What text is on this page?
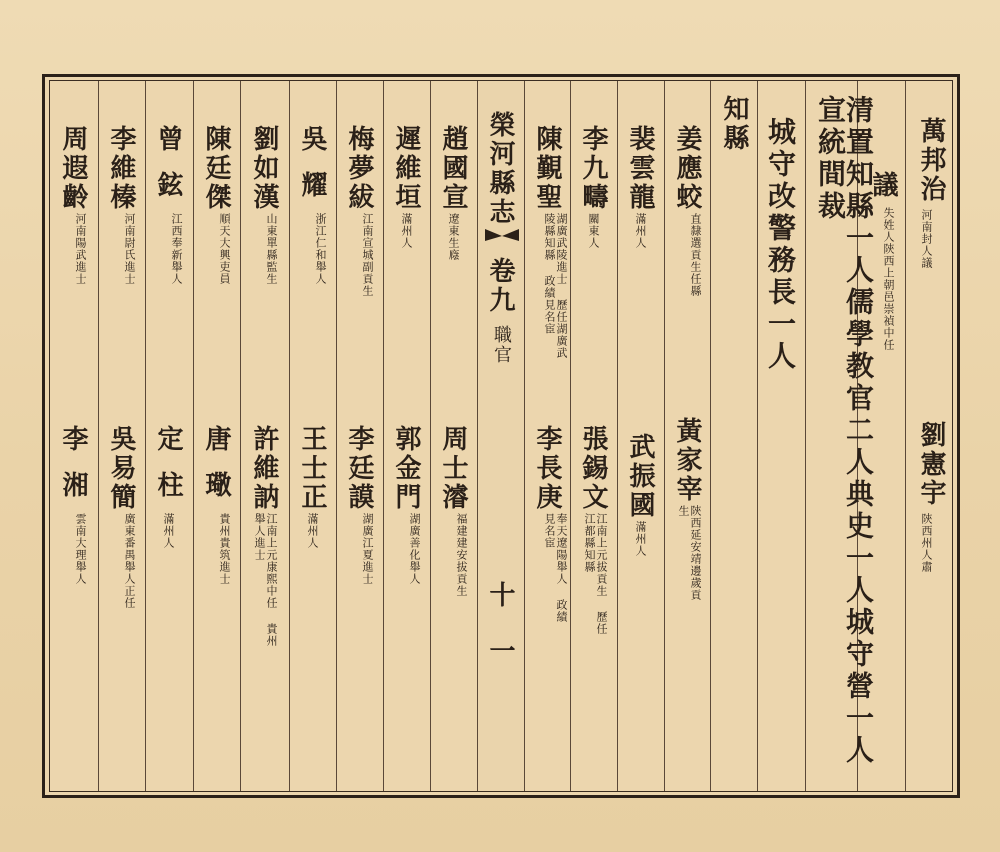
萬邦治
河南封人議
劉憲宇
陝西州人肅
議
失姓人陝西上朝邑崇禎中任
清置知縣一人儒學教官二人典史一人城守營一人宣統間裁
城守改警務長一人
知縣
姜應蛟
直隸選貢生任縣
黃家宰
陝西延安靖邊歲貢生
裴雲龍
滿州人
武振國
滿州人
李九疇
關東人
張錫文
江南上元拔貢生 歷任江都縣知縣
陳覲聖
湖廣武陵進士 歷任湖廣武陵縣知縣 政績見名宦
李長庚
奉天遼陽舉人 政績見名宦
榮河縣志
卷九
職官
十一
趙國宣
遼東生廕
周士濬
福建建安拔貢生
遲維垣
滿州人
郭金門
湖廣善化舉人
梅夢紱
江南宣城副貢生
李廷謨
湖廣江夏進士
吳耀
浙江仁和舉人
王士正
滿州人
劉如漢
山東單縣監生
許維訥
江南上元康熙中任 貴州舉人進士
陳廷傑
順天大興吏員
唐璥
貴州貴筑進士
曾鉉
江西奉新舉人
定柱
滿州人
李維榛
河南尉氏進士
吳易簡
廣東番禺舉人正任
周遐齡
河南陽武進士
李湘
雲南大理舉人
